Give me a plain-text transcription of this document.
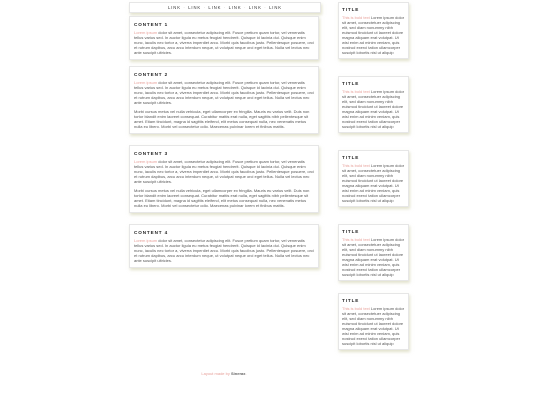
LINK · LINK · LINK · LINK · LINK · LINK
CONTENT 1

Lorem ipsum dolor sit amet, consectetur adipiscing elit. Fusce pretium quam tortor, vel venenatis tellus varius sed. In auctor ligula eu metus feugiat hendrerit. Quisque id lacinia dui. Quisque enim nunc, iaculis nec tortor a, viverra imperdiet arcu. Morbi quis faucibus justo. Pellentesque posuere, orci et rutrum dapibus, arcu arcu interdum neque, ut volutpat neque orci eget tellus. Nulla vel lectus nec ante suscipit ultricies.

CONTENT 2

Lorem ipsum dolor sit amet, consectetur adipiscing elit. Fusce pretium quam tortor, vel venenatis tellus varius sed. In auctor ligula eu metus feugiat hendrerit. Quisque id lacinia dui. Quisque enim nunc, iaculis nec tortor a, viverra imperdiet arcu. Morbi quis faucibus justo. Pellentesque posuere, orci et rutrum dapibus, arcu arcu interdum neque, ut volutpat neque orci eget tellus. Nulla vel lectus nec ante suscipit ultricies.

Morbi cursus metus vel nulla vehicula, eget ullamcorper ex fringilla. Mauris eu varius velit. Duis non tortor blandit enim laoreet consequat. Curabitur mattis erat nulla, eget sagittis nibh pellentesque sit amet. Etiam tincidunt, magna id sagittis eleifend, elit metus consequat nulla, nec venenatis metus nulla eu libero. Morbi vel consectetur odio. Maecenas pulvinar lorem et finibus mattis.

CONTENT 3

Lorem ipsum dolor sit amet, consectetur adipiscing elit. Fusce pretium quam tortor, vel venenatis tellus varius sed. In auctor ligula eu metus feugiat hendrerit. Quisque id lacinia dui. Quisque enim nunc, iaculis nec tortor a, viverra imperdiet arcu. Morbi quis faucibus justo. Pellentesque posuere, orci et rutrum dapibus, arcu arcu interdum neque, ut volutpat neque orci eget tellus. Nulla vel lectus nec ante suscipit ultricies.

Morbi cursus metus vel nulla vehicula, eget ullamcorper ex fringilla. Mauris eu varius velit. Duis non tortor blandit enim laoreet consequat. Curabitur mattis erat nulla, eget sagittis nibh pellentesque sit amet. Etiam tincidunt, magna id sagittis eleifend, elit metus consequat nulla, nec venenatis metus nulla eu libero. Morbi vel consectetur odio. Maecenas pulvinar lorem et finibus mattis.

CONTENT 4

Lorem ipsum dolor sit amet, consectetur adipiscing elit. Fusce pretium quam tortor, vel venenatis tellus varius sed. In auctor ligula eu metus feugiat hendrerit. Quisque id lacinia dui. Quisque enim nunc, iaculis nec tortor a, viverra imperdiet arcu. Morbi quis faucibus justo. Pellentesque posuere, orci et rutrum dapibus, arcu arcu interdum neque, ut volutpat neque orci eget tellus. Nulla vel lectus nec ante suscipit ultricies.

TITLE

This is bold text Lorem ipsum dolor sit amet, consectetuer adipiscing elit, sed diam nonummy nibh euismod tincidunt ut laoreet dolore magna aliquam erat volutpat. Ut wisi enim ad minim veniam, quis nostrud exerci tation ullamcorper suscipit lobortis nisl ut aliquip

TITLE

This is bold text Lorem ipsum dolor sit amet, consectetuer adipiscing elit, sed diam nonummy nibh euismod tincidunt ut laoreet dolore magna aliquam erat volutpat. Ut wisi enim ad minim veniam, quis nostrud exerci tation ullamcorper suscipit lobortis nisl ut aliquip

TITLE

This is bold text Lorem ipsum dolor sit amet, consectetuer adipiscing elit, sed diam nonummy nibh euismod tincidunt ut laoreet dolore magna aliquam erat volutpat. Ut wisi enim ad minim veniam, quis nostrud exerci tation ullamcorper suscipit lobortis nisl ut aliquip

TITLE

This is bold text Lorem ipsum dolor sit amet, consectetuer adipiscing elit, sed diam nonummy nibh euismod tincidunt ut laoreet dolore magna aliquam erat volutpat. Ut wisi enim ad minim veniam, quis nostrud exerci tation ullamcorper suscipit lobortis nisl ut aliquip

TITLE

This is bold text Lorem ipsum dolor sit amet, consectetuer adipiscing elit, sed diam nonummy nibh euismod tincidunt ut laoreet dolore magna aliquam erat volutpat. Ut wisi enim ad minim veniam, quis nostrud exerci tation ullamcorper suscipit lobortis nisl ut aliquip

Layout made by Sinerax.
